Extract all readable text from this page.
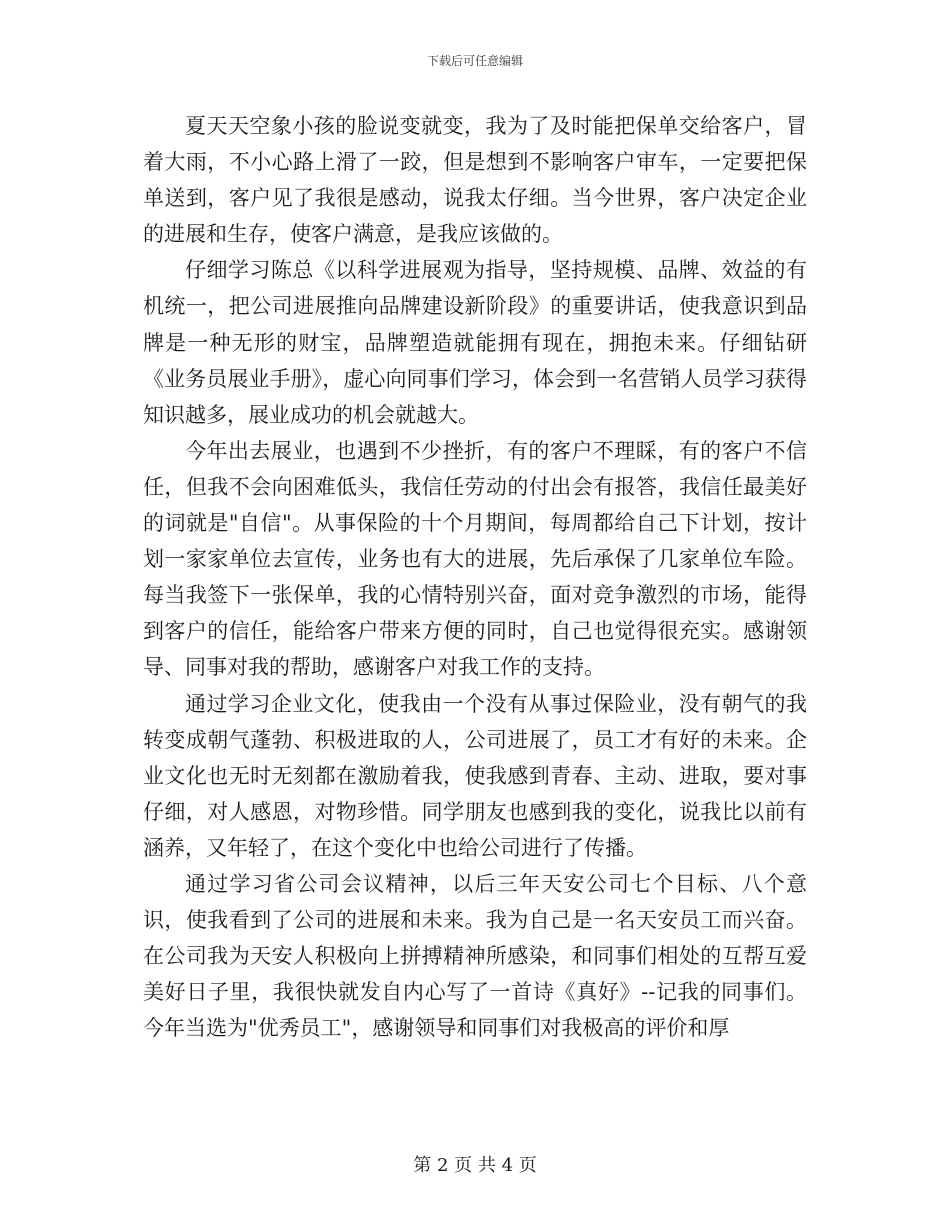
下载后可任意编辑

夏天天空象小孩的脸说变就变，我为了及时能把保单交给客户，冒着大雨，不小心路上滑了一跤，但是想到不影响客户审车，一定要把保单送到，客户见了我很是感动，说我太仔细。当今世界，客户决定企业的进展和生存，使客户满意，是我应该做的。

仔细学习陈总《以科学进展观为指导，坚持规模、品牌、效益的有机统一，把公司进展推向品牌建设新阶段》的重要讲话，使我意识到品牌是一种无形的财宝，品牌塑造就能拥有现在，拥抱未来。仔细钻研《业务员展业手册》，虚心向同事们学习，体会到一名营销人员学习获得知识越多，展业成功的机会就越大。

今年出去展业，也遇到不少挫折，有的客户不理睬，有的客户不信任，但我不会向困难低头，我信任劳动的付出会有报答，我信任最美好的词就是"自信"。从事保险的十个月期间，每周都给自己下计划，按计划一家家单位去宣传，业务也有大的进展，先后承保了几家单位车险。每当我签下一张保单，我的心情特别兴奋，面对竞争激烈的市场，能得到客户的信任，能给客户带来方便的同时，自己也觉得很充实。感谢领导、同事对我的帮助，感谢客户对我工作的支持。

通过学习企业文化，使我由一个没有从事过保险业，没有朝气的我转变成朝气蓬勃、积极进取的人，公司进展了，员工才有好的未来。企业文化也无时无刻都在激励着我，使我感到青春、主动、进取，要对事仔细，对人感恩，对物珍惜。同学朋友也感到我的变化，说我比以前有涵养，又年轻了，在这个变化中也给公司进行了传播。

通过学习省公司会议精神，以后三年天安公司七个目标、八个意识，使我看到了公司的进展和未来。我为自己是一名天安员工而兴奋。在公司我为天安人积极向上拼搏精神所感染，和同事们相处的互帮互爱美好日子里，我很快就发自内心写了一首诗《真好》--记我的同事们。今年当选为"优秀员工"，感谢领导和同事们对我极高的评价和厚

第 2 页 共 4 页
